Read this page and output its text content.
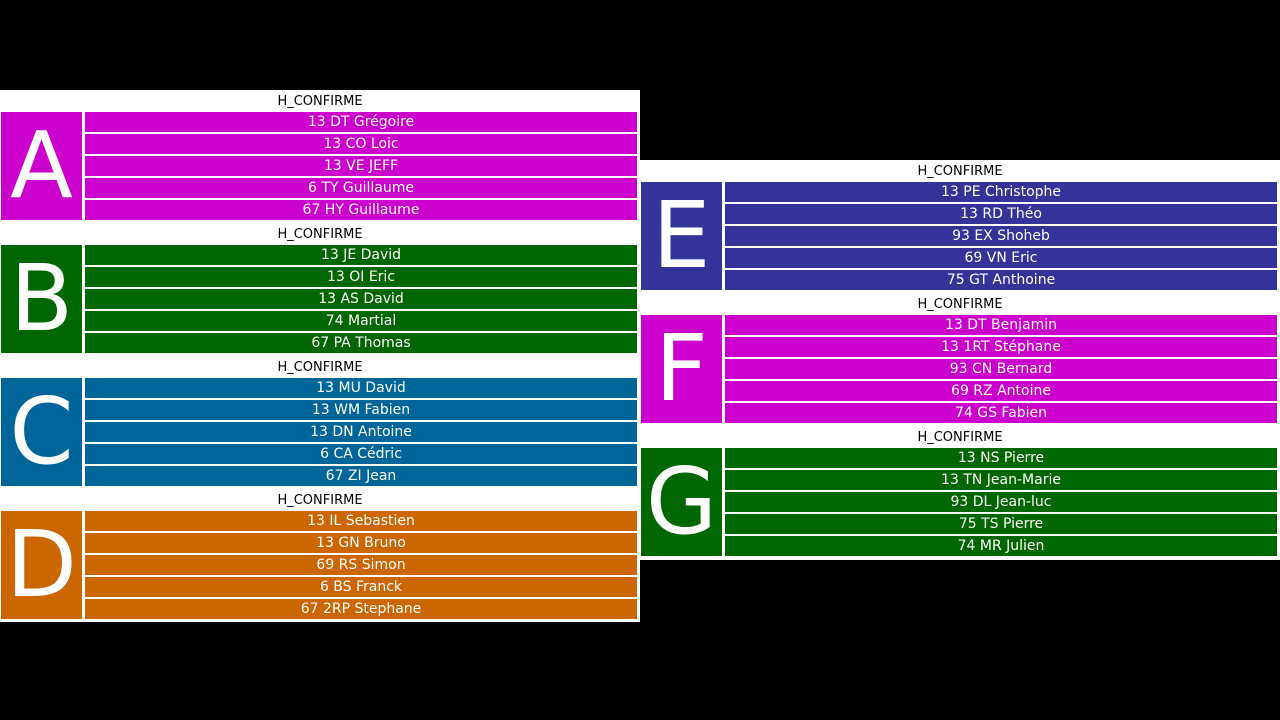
H_CONFIRME
A	13 DT Grégoire
13 CO Loic
13 VE JEFF
6 TY Guillaume
67 HY Guillaume
H_CONFIRME
B	13 JE David
13 OI Eric
13 AS David
74 Martial
67 PA Thomas
H_CONFIRME
C	13 MU David
13 WM Fabien
13 DN Antoine
6 CA Cédric
67 ZI Jean
H_CONFIRME
D	13 IL Sebastien
13 GN Bruno
69 RS Simon
6 BS Franck
67 2RP Stephane
H_CONFIRME
E	13 PE Christophe
13 RD Théo
93 EX Shoheb
69 VN Eric
75 GT Anthoine
H_CONFIRME
F	13 DT Benjamin
13 1RT Stéphane
93 CN Bernard
69 RZ Antoine
74 GS Fabien
H_CONFIRME
G	13 NS Pierre
13 TN Jean-Marie
93 DL Jean-luc
75 TS Pierre
74 MR Julien
